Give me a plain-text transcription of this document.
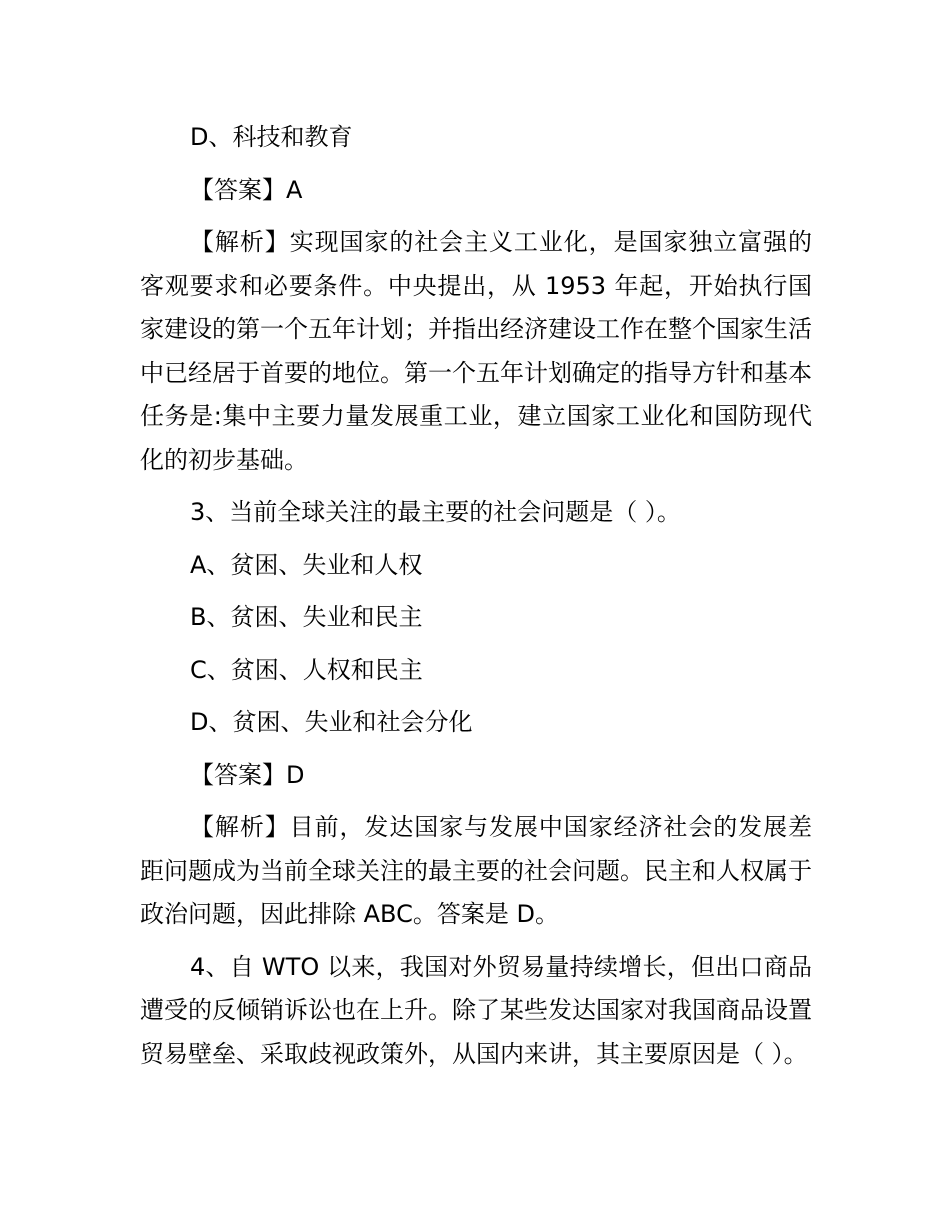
D、科技和教育

【答案】A

【解析】实现国家的社会主义工业化，是国家独立富强的客观要求和必要条件。中央提出，从 1953 年起，开始执行国家建设的第一个五年计划；并指出经济建设工作在整个国家生活中已经居于首要的地位。第一个五年计划确定的指导方针和基本任务是:集中主要力量发展重工业，建立国家工业化和国防现代化的初步基础。

3、当前全球关注的最主要的社会问题是（ ）。

A、贫困、失业和人权

B、贫困、失业和民主

C、贫困、人权和民主

D、贫困、失业和社会分化

【答案】D

【解析】目前，发达国家与发展中国家经济社会的发展差距问题成为当前全球关注的最主要的社会问题。民主和人权属于政治问题，因此排除 ABC。答案是 D。

4、自 WTO 以来，我国对外贸易量持续增长，但出口商品遭受的反倾销诉讼也在上升。除了某些发达国家对我国商品设置贸易壁垒、采取歧视政策外，从国内来讲，其主要原因是（ ）。
